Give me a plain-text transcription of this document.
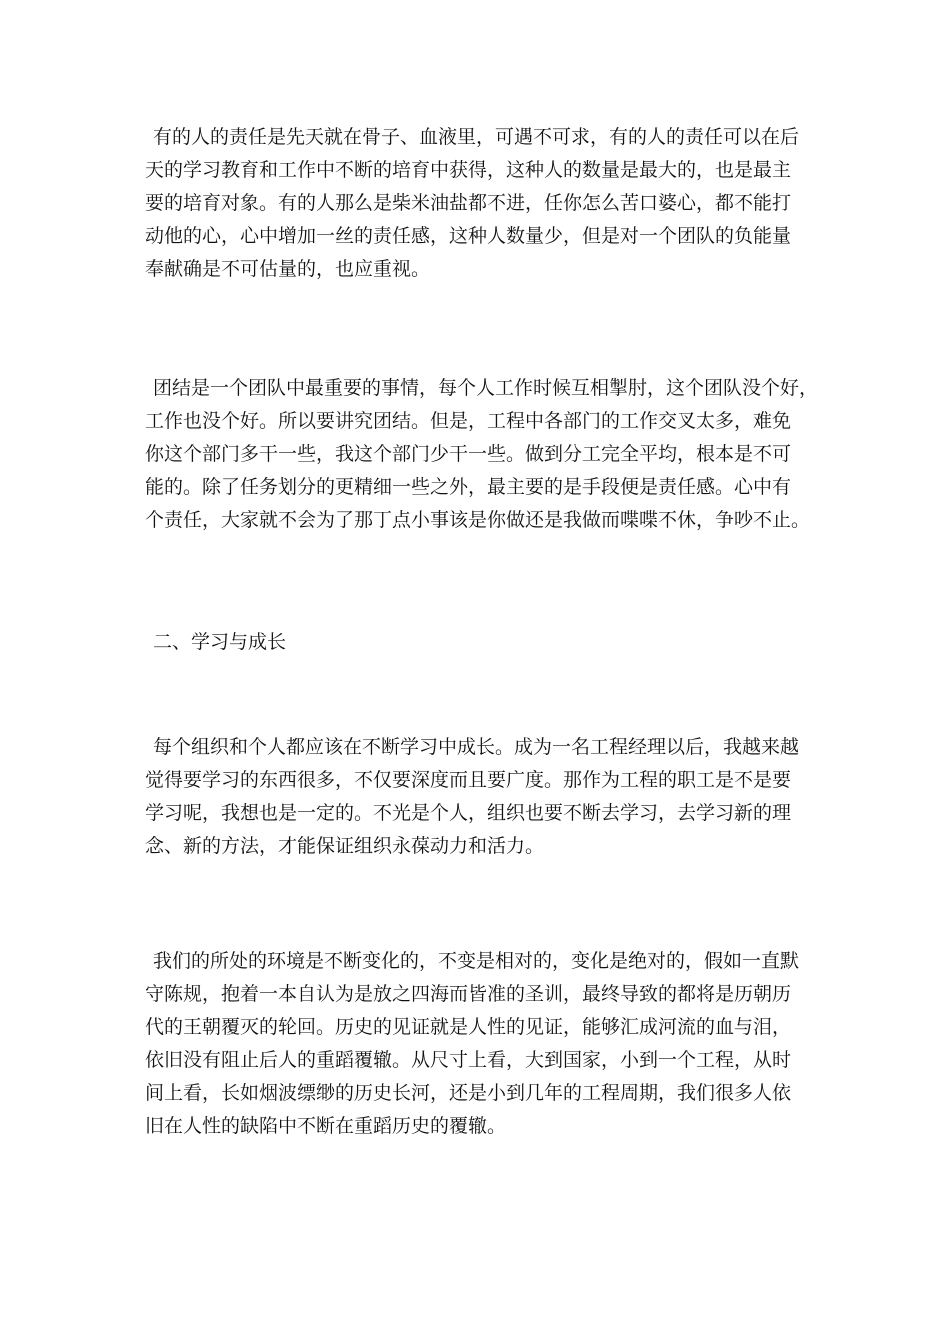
有的人的责任是先天就在骨子、血液里，可遇不可求，有的人的责任可以在后
天的学习教育和工作中不断的培育中获得，这种人的数量是最大的，也是最主
要的培育对象。有的人那么是柴米油盐都不进，任你怎么苦口婆心，都不能打
动他的心，心中增加一丝的责任感，这种人数量少，但是对一个团队的负能量
奉献确是不可估量的，也应重视。
团结是一个团队中最重要的事情，每个人工作时候互相掣肘，这个团队没个好，
工作也没个好。所以要讲究团结。但是，工程中各部门的工作交叉太多，难免
你这个部门多干一些，我这个部门少干一些。做到分工完全平均，根本是不可
能的。除了任务划分的更精细一些之外，最主要的是手段便是责任感。心中有
个责任，大家就不会为了那丁点小事该是你做还是我做而喋喋不休，争吵不止。
二、学习与成长
每个组织和个人都应该在不断学习中成长。成为一名工程经理以后，我越来越
觉得要学习的东西很多，不仅要深度而且要广度。那作为工程的职工是不是要
学习呢，我想也是一定的。不光是个人，组织也要不断去学习，去学习新的理
念、新的方法，才能保证组织永葆动力和活力。
我们的所处的环境是不断变化的，不变是相对的，变化是绝对的，假如一直默
守陈规，抱着一本自认为是放之四海而皆准的圣训，最终导致的都将是历朝历
代的王朝覆灭的轮回。历史的见证就是人性的见证，能够汇成河流的血与泪，
依旧没有阻止后人的重蹈覆辙。从尺寸上看，大到国家，小到一个工程，从时
间上看，长如烟波缥缈的历史长河，还是小到几年的工程周期，我们很多人依
旧在人性的缺陷中不断在重蹈历史的覆辙。
